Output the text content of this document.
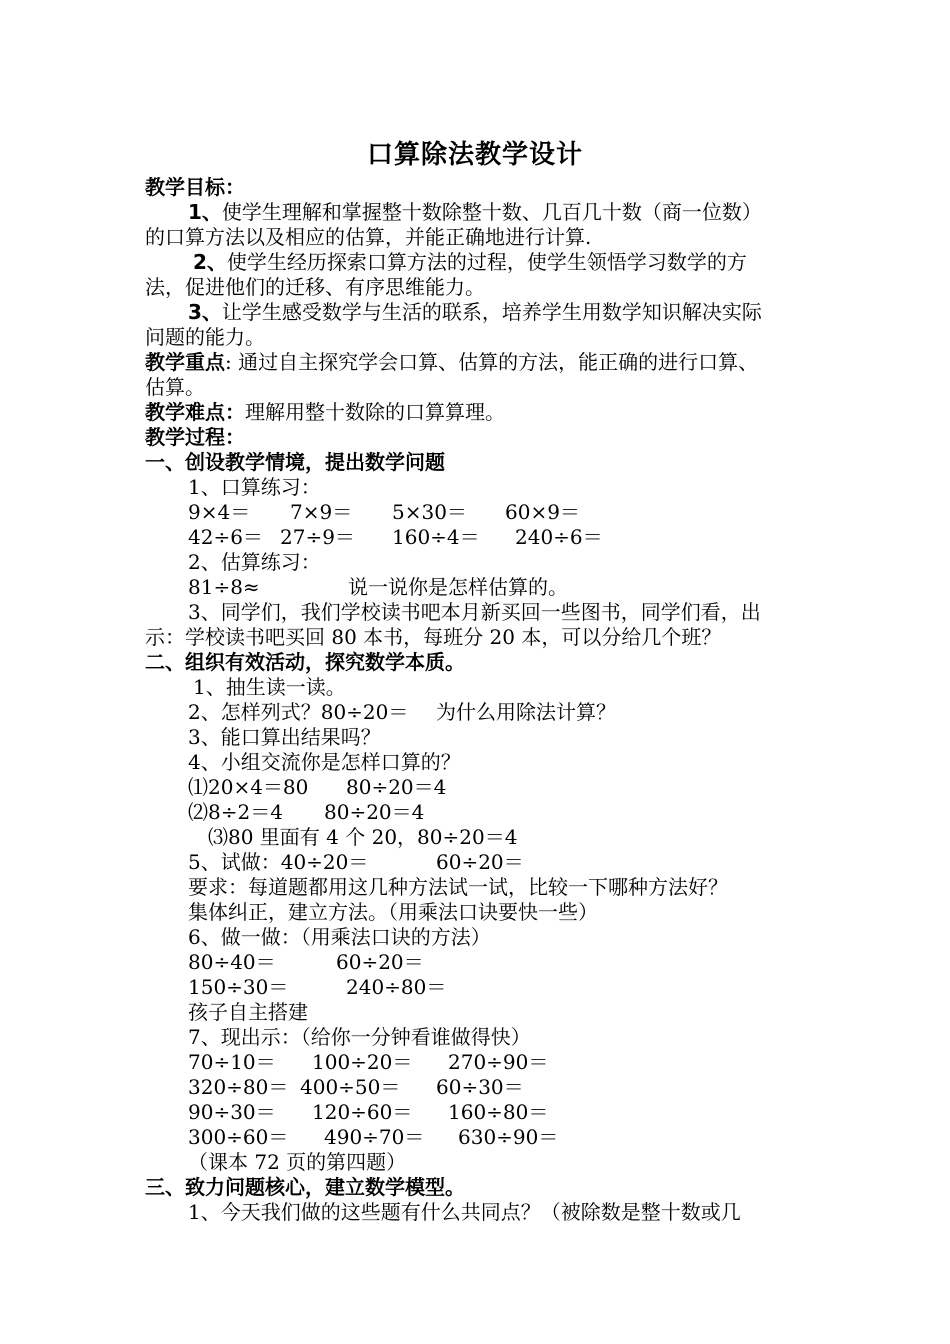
口算除法教学设计
教学目标：
1、使学生理解和掌握整十数除整十数、几百几十数（商一位数）
的口算方法以及相应的估算，并能正确地进行计算.
2、使学生经历探索口算方法的过程，使学生领悟学习数学的方
法，促进他们的迁移、有序思维能力。
3、让学生感受数学与生活的联系，培养学生用数学知识解决实际
问题的能力。
教学重点: 通过自主探究学会口算、估算的方法，能正确的进行口算、
估算。
教学难点：理解用整十数除的口算算理。
教学过程：
一、创设教学情境，提出数学问题
1、口算练习：
9×4＝ 7×9＝ 5×30＝ 60×9＝
42÷6＝ 27÷9＝ 160÷4＝ 240÷6＝
2、估算练习：
81÷8≈	说一说你是怎样估算的。
3、同学们，我们学校读书吧本月新买回一些图书，同学们看，出
示：学校读书吧买回 80 本书，每班分 20 本，可以分给几个班？
二、组织有效活动，探究数学本质。
1、抽生读一读。
2、怎样列式？80÷20＝ 为什么用除法计算？
3、能口算出结果吗？
4、小组交流你是怎样口算的？
⑴20×4＝80 80÷20＝4
⑵8÷2＝4 80÷20＝4
⑶80 里面有 4 个 20，80÷20＝4
5、试做：40÷20＝	60÷20＝
要求：每道题都用这几种方法试一试，比较一下哪种方法好？
集体纠正，建立方法。（用乘法口诀要快一些）
6、做一做：（用乘法口诀的方法）
80÷40＝	60÷20＝
150÷30＝	240÷80＝
孩子自主搭建
7、现出示：（给你一分钟看谁做得快）
70÷10＝ 100÷20＝ 270÷90＝
320÷80＝ 400÷50＝ 60÷30＝
90÷30＝ 120÷60＝ 160÷80＝
300÷60＝ 490÷70＝ 630÷90＝
（课本 72 页的第四题）
三、致力问题核心，建立数学模型。
1、今天我们做的这些题有什么共同点？（被除数是整十数或几
